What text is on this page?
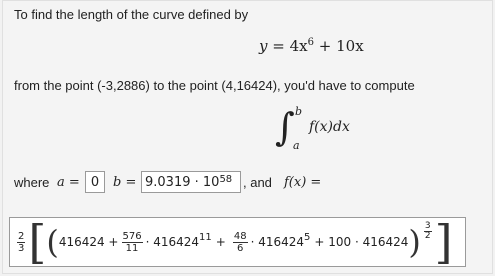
To find the length of the curve defined by
$y = 4x^6 + 10x$
from the point (-3,2886) to the point (4,16424), you'd have to compute
∫ b
a
f(x)dx
where a = 0 $b = 9.0319 \cdot 10^{58}$ , and f(x) =
$\frac{2}{3}$ [ ( $416424 + \frac{576}{11} \cdot 416424^{11} + \frac{48}{6} \cdot 416424^5 + 100 \cdot 416424$ ) $\frac{3}{2}$ ]
